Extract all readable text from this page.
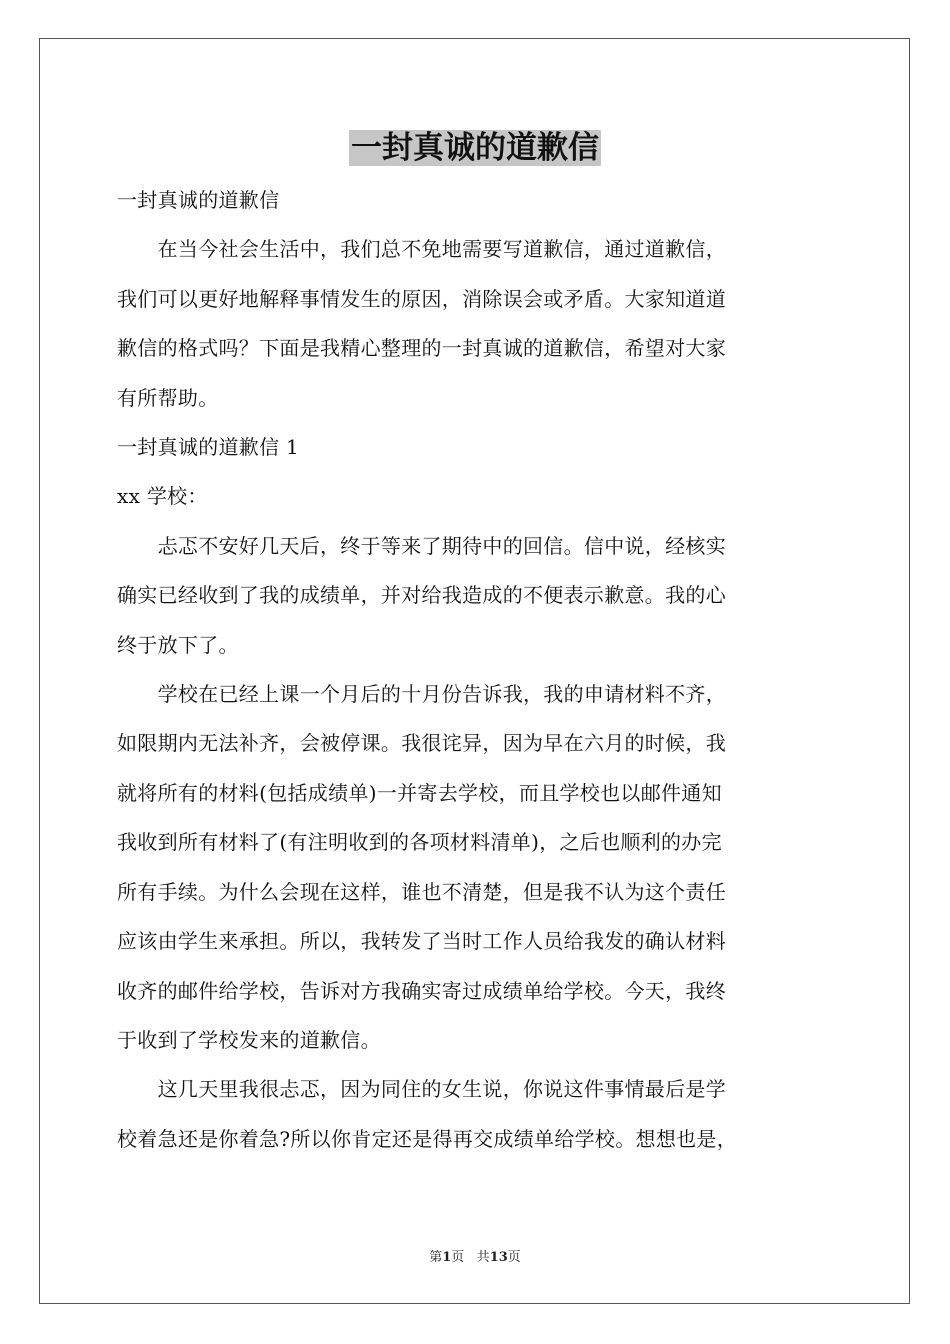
一封真诚的道歉信

一封真诚的道歉信

　　在当今社会生活中，我们总不免地需要写道歉信，通过道歉信，

我们可以更好地解释事情发生的原因，消除误会或矛盾。大家知道道

歉信的格式吗？下面是我精心整理的一封真诚的道歉信，希望对大家

有所帮助。

一封真诚的道歉信 1

xx 学校：

　　忐忑不安好几天后，终于等来了期待中的回信。信中说，经核实

确实已经收到了我的成绩单，并对给我造成的不便表示歉意。我的心

终于放下了。

　　学校在已经上课一个月后的十月份告诉我，我的申请材料不齐，

如限期内无法补齐，会被停课。我很诧异，因为早在六月的时候，我

就将所有的材料(包括成绩单)一并寄去学校，而且学校也以邮件通知

我收到所有材料了(有注明收到的各项材料清单)，之后也顺利的办完

所有手续。为什么会现在这样，谁也不清楚，但是我不认为这个责任

应该由学生来承担。所以，我转发了当时工作人员给我发的确认材料

收齐的邮件给学校，告诉对方我确实寄过成绩单给学校。今天，我终

于收到了学校发来的道歉信。

　　这几天里我很忐忑，因为同住的女生说，你说这件事情最后是学

校着急还是你着急?所以你肯定还是得再交成绩单给学校。想想也是，

第1页 共13页
